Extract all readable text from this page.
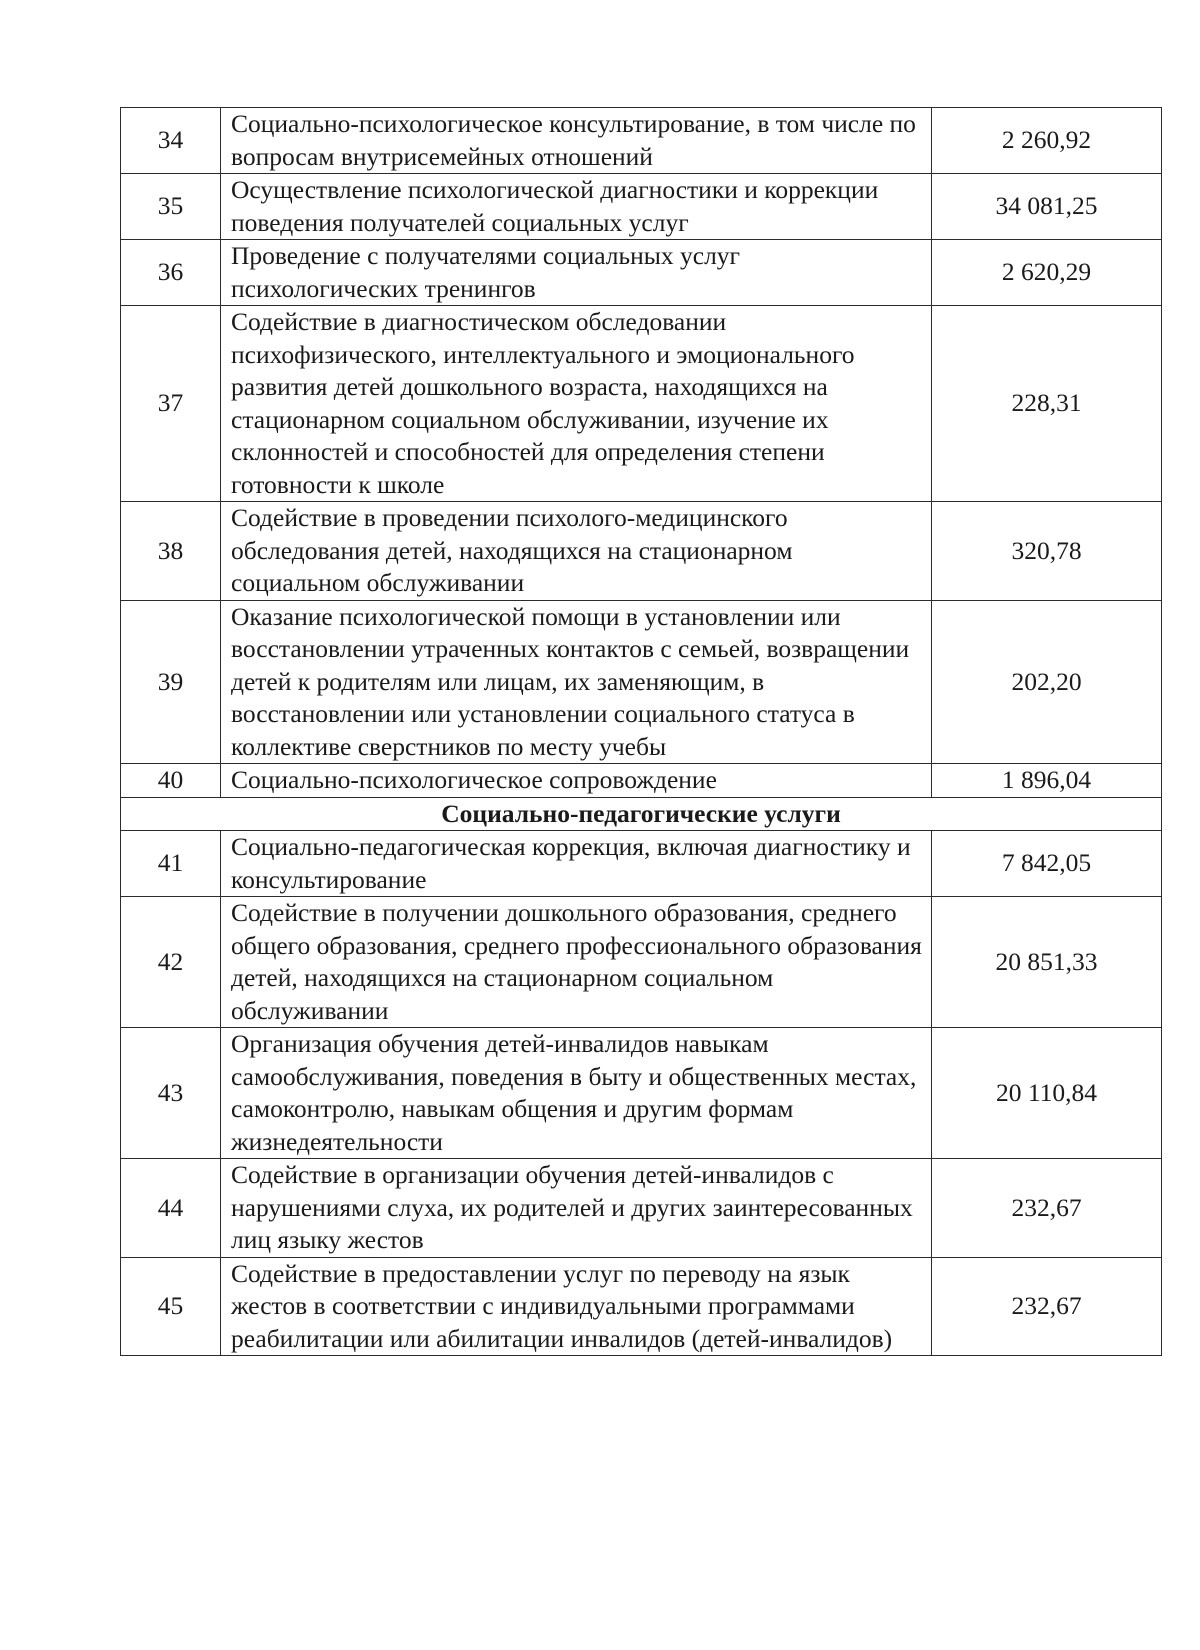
34	Социально-психологическое консультирование, в том числе по вопросам внутрисемейных отношений	2 260,92
35	Осуществление психологической диагностики и коррекции поведения получателей социальных услуг	34 081,25
36	Проведение с получателями социальных услуг психологических тренингов	2 620,29
37	Содействие в диагностическом обследовании психофизического, интеллектуального и эмоционального развития детей дошкольного возраста, находящихся на стационарном социальном обслуживании, изучение их склонностей и способностей для определения степени готовности к школе	228,31
38	Содействие в проведении психолого-медицинского обследования детей, находящихся на стационарном социальном обслуживании	320,78
39	Оказание психологической помощи в установлении или восстановлении утраченных контактов с семьей, возвращении детей к родителям или лицам, их заменяющим, в восстановлении или установлении социального статуса в коллективе сверстников по месту учебы	202,20
40	Социально-психологическое сопровождение	1 896,04
Социально-педагогические услуги		
41	Социально-педагогическая коррекция, включая диагностику и консультирование	7 842,05
42	Содействие в получении дошкольного образования, среднего общего образования, среднего профессионального образования детей, находящихся на стационарном социальном обслуживании	20 851,33
43	Организация обучения детей-инвалидов навыкам самообслуживания, поведения в быту и общественных местах, самоконтролю, навыкам общения и другим формам жизнедеятельности	20 110,84
44	Содействие в организации обучения детей-инвалидов с нарушениями слуха, их родителей и других заинтересованных лиц языку жестов	232,67
45	Содействие в предоставлении услуг по переводу на язык жестов в соответствии с индивидуальными программами реабилитации или абилитации инвалидов (детей-инвалидов)	232,67
